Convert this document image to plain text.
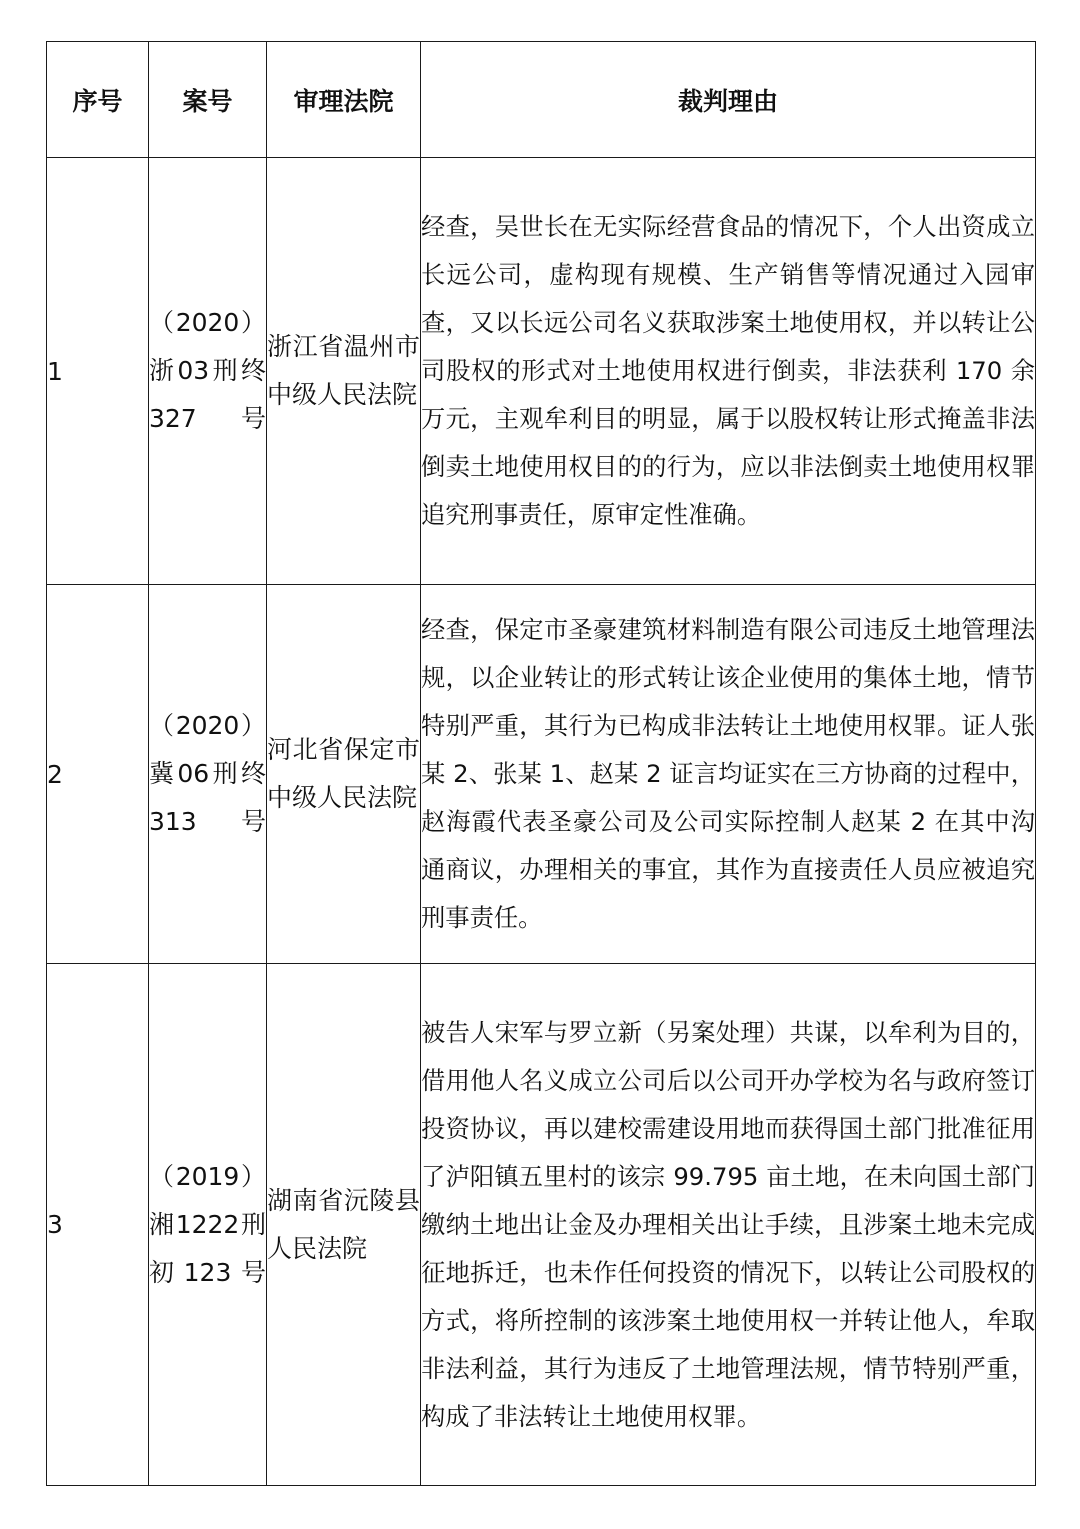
序号	案号	审理法院	裁判理由
1	（2020）浙03刑终327号	浙江省温州市中级人民法院	经查，吴世长在无实际经营食品的情况下，个人出资成立长远公司，虚构现有规模、生产销售等情况通过入园审查，又以长远公司名义获取涉案土地使用权，并以转让公司股权的形式对土地使用权进行倒卖，非法获利 170 余万元，主观牟利目的明显，属于以股权转让形式掩盖非法倒卖土地使用权目的的行为，应以非法倒卖土地使用权罪追究刑事责任，原审定性准确。
2	（2020）冀06刑终313号	河北省保定市中级人民法院	经查，保定市圣豪建筑材料制造有限公司违反土地管理法规，以企业转让的形式转让该企业使用的集体土地，情节特别严重，其行为已构成非法转让土地使用权罪。证人张某 2、张某 1、赵某 2 证言均证实在三方协商的过程中，赵海霞代表圣豪公司及公司实际控制人赵某 2 在其中沟通商议，办理相关的事宜，其作为直接责任人员应被追究刑事责任。
3	（2019）湘1222刑初123号	湖南省沅陵县人民法院	被告人宋军与罗立新（另案处理）共谋，以牟利为目的，借用他人名义成立公司后以公司开办学校为名与政府签订投资协议，再以建校需建设用地而获得国土部门批准征用了泸阳镇五里村的该宗 99.795 亩土地，在未向国土部门缴纳土地出让金及办理相关出让手续，且涉案土地未完成征地拆迁，也未作任何投资的情况下，以转让公司股权的方式，将所控制的该涉案土地使用权一并转让他人，牟取非法利益，其行为违反了土地管理法规，情节特别严重，构成了非法转让土地使用权罪。
